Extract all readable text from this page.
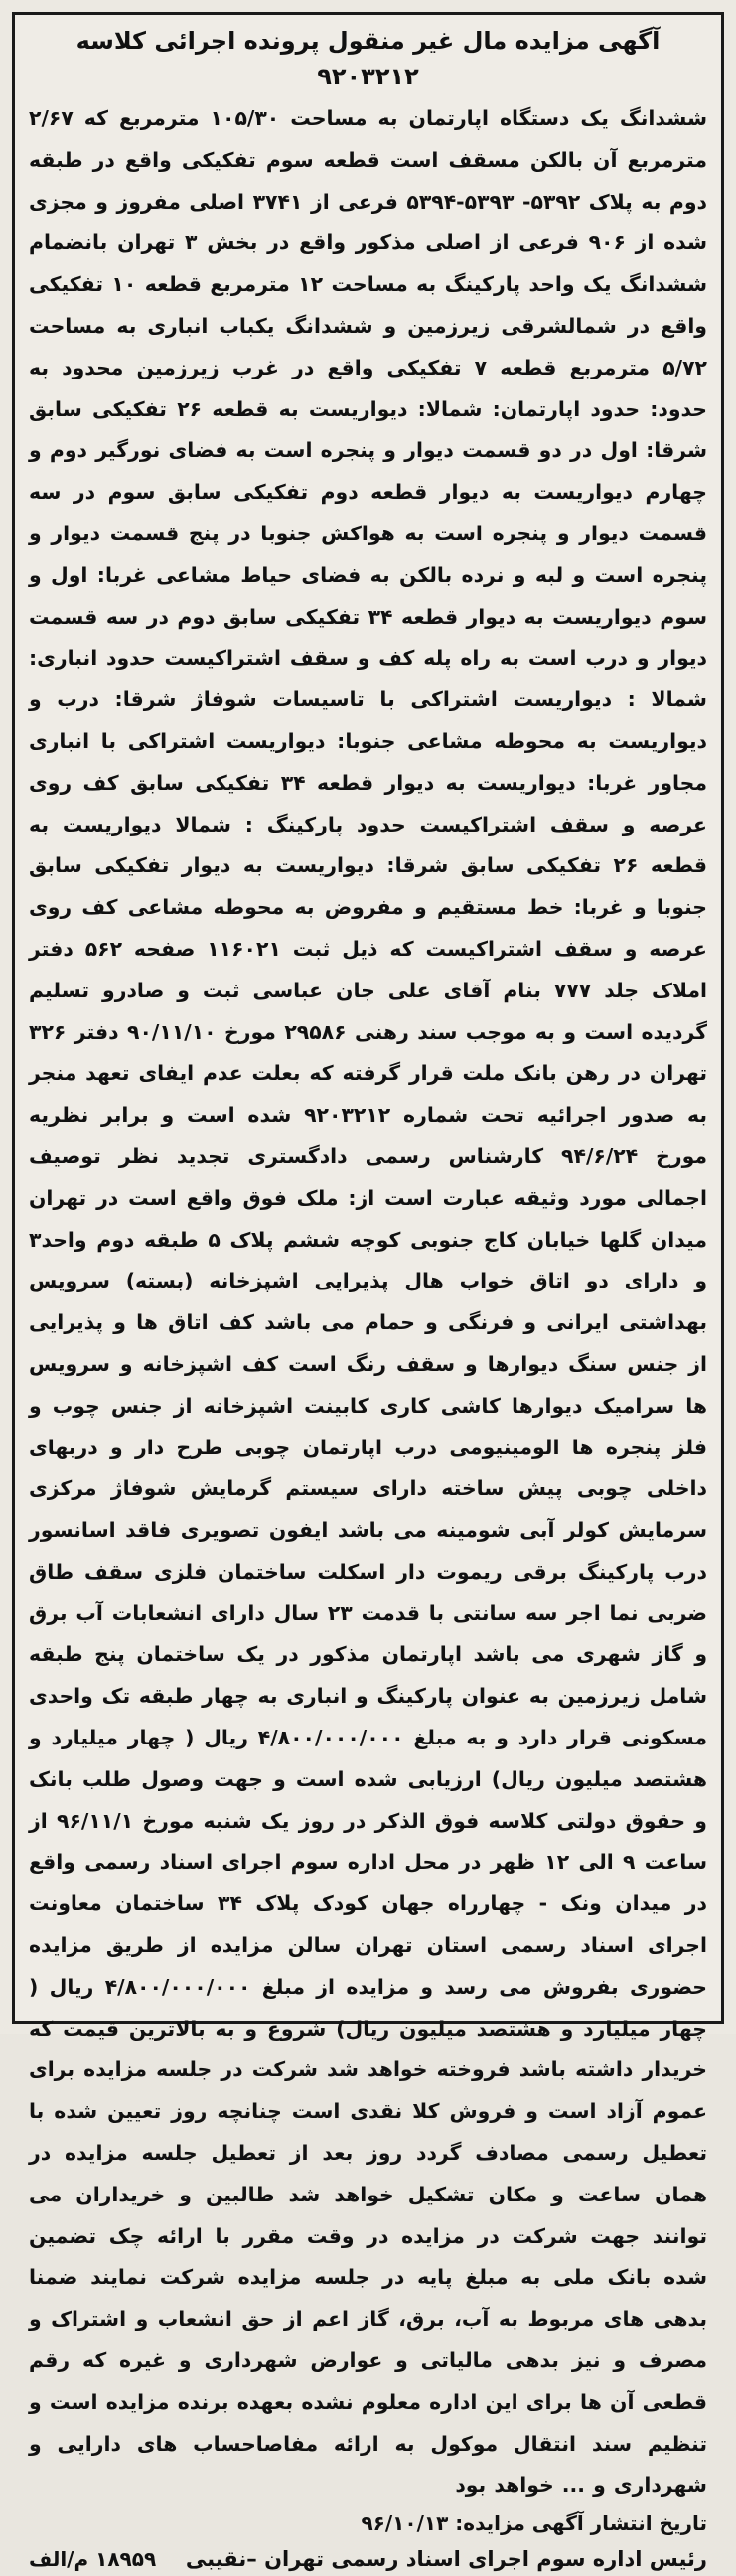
آگهی مزایده مال غیر منقول پرونده اجرائی کلاسه ۹۲۰۳۲۱۲

ششدانگ یک دستگاه اپارتمان به مساحت ۱۰۵/۳۰ مترمربع که ۲/۶۷ مترمربع آن بالکن مسقف است قطعه سوم تفکیکی واقع در طبقه دوم به پلاک ۵۳۹۲- ۵۳۹۳-۵۳۹۴ فرعی از ۳۷۴۱ اصلی مفروز و مجزی شده از ۹۰۶ فرعی از اصلی مذکور واقع در بخش ۳ تهران بانضمام ششدانگ یک واحد پارکینگ به مساحت ۱۲ مترمربع قطعه ۱۰ تفکیکی واقع در شمالشرقی زیرزمین و ششدانگ یکباب انباری به مساحت ۵/۷۲ مترمربع قطعه ۷ تفکیکی واقع در غرب زیرزمین محدود به حدود: حدود اپارتمان: شمالا: دیواریست به قطعه ۲۶ تفکیکی سابق شرقا: اول در دو قسمت دیوار و پنجره است به فضای نورگیر دوم و چهارم دیواریست به دیوار قطعه دوم تفکیکی سابق سوم در سه قسمت دیوار و پنجره است به هواکش جنوبا در پنج قسمت دیوار و پنجره است و لبه و نرده بالکن به فضای حیاط مشاعی غربا: اول و سوم دیواریست به دیوار قطعه ۳۴ تفکیکی سابق دوم در سه قسمت دیوار و درب است به راه پله کف و سقف اشتراکیست حدود انباری: شمالا : دیواریست اشتراکی با تاسیسات شوفاژ شرقا: درب و دیواریست به محوطه مشاعی جنوبا: دیواریست اشتراکی با انباری مجاور غربا: دیواریست به دیوار قطعه ۳۴ تفکیکی سابق کف روی عرصه و سقف اشتراکیست حدود پارکینگ : شمالا دیواریست به قطعه ۲۶ تفکیکی سابق شرقا: دیواریست به دیوار تفکیکی سابق جنوبا و غربا: خط مستقیم و مفروض به محوطه مشاعی کف روی عرصه و سقف اشتراکیست که ذیل ثبت ۱۱۶۰۲۱ صفحه ۵۶۲ دفتر املاک جلد ۷۷۷ بنام آقای علی جان عباسی ثبت و صادرو تسلیم گردیده است و به موجب سند رهنی ۲۹۵۸۶ مورخ ۹۰/۱۱/۱۰ دفتر ۳۲۶ تهران در رهن بانک ملت قرار گرفته که بعلت عدم ایفای تعهد منجر به صدور اجرائیه تحت شماره ۹۲۰۳۲۱۲ شده است و برابر نظریه مورخ ۹۴/۶/۲۴ کارشناس رسمی دادگستری تجدید نظر توصیف اجمالی مورد وثیقه عبارت است از: ملک فوق واقع است در تهران میدان گلها خیابان کاج جنوبی کوچه ششم پلاک ۵ طبقه دوم واحد۳ و دارای دو اتاق خواب هال پذیرایی اشپزخانه (بسته) سرویس بهداشتی ایرانی و فرنگی و حمام می باشد کف اتاق ها و پذیرایی از جنس سنگ دیوارها و سقف رنگ است کف اشپزخانه و سرویس ها سرامیک دیوارها کاشی کاری کابینت اشپزخانه از جنس چوب و فلز پنجره ها الومینیومی درب اپارتمان چوبی طرح دار و دربهای داخلی چوبی پیش ساخته دارای سیستم گرمایش شوفاژ مرکزی سرمایش کولر آبی شومینه می باشد ایفون تصویری فاقد اسانسور درب پارکینگ برقی ریموت دار اسکلت ساختمان فلزی سقف طاق ضربی نما اجر سه سانتی با قدمت ۲۳ سال دارای انشعابات آب برق و گاز شهری می باشد اپارتمان مذکور در یک ساختمان پنج طبقه شامل زیرزمین به عنوان پارکینگ و انباری به چهار طبقه تک واحدی مسکونی قرار دارد و به مبلغ ۴/۸۰۰/۰۰۰/۰۰۰ ریال ( چهار میلیارد و هشتصد میلیون ریال) ارزیابی شده است و جهت وصول طلب بانک و حقوق دولتی کلاسه فوق الذکر در روز یک شنبه مورخ ۹۶/۱۱/۱ از ساعت ۹ الی ۱۲ ظهر در محل اداره سوم اجرای اسناد رسمی واقع در میدان ونک - چهارراه جهان کودک پلاک ۳۴ ساختمان معاونت اجرای اسناد رسمی استان تهران سالن مزایده از طریق مزایده حضوری بفروش می رسد و مزایده از مبلغ ۴/۸۰۰/۰۰۰/۰۰۰ ریال ( چهار میلیارد و هشتصد میلیون ریال) شروع و به بالاترین قیمت که خریدار داشته باشد فروخته خواهد شد شرکت در جلسه مزایده برای عموم آزاد است و فروش کلا نقدی است چنانچه روز تعیین شده با تعطیل رسمی مصادف گردد روز بعد از تعطیل جلسه مزایده در همان ساعت و مکان تشکیل خواهد شد طالبین و خریداران می توانند جهت شرکت در مزایده در وقت مقرر با ارائه چک تضمین شده بانک ملی به مبلغ پایه در جلسه مزایده شرکت نمایند ضمنا بدهی های مربوط به آب، برق، گاز اعم از حق انشعاب و اشتراک و مصرف و نیز بدهی مالیاتی و عوارض شهرداری و غیره که رقم قطعی آن ها برای این اداره معلوم نشده بعهده برنده مزایده است و تنظیم سند انتقال موکول به ارائه مفاصاحساب های دارایی و شهرداری و ... خواهد بود

تاریخ انتشار آگهی مزایده: ۹۶/۱۰/۱۳

رئیس اداره سوم اجرای اسناد رسمی تهران –نقیبی
۱۸۹۵۹ م/الف
